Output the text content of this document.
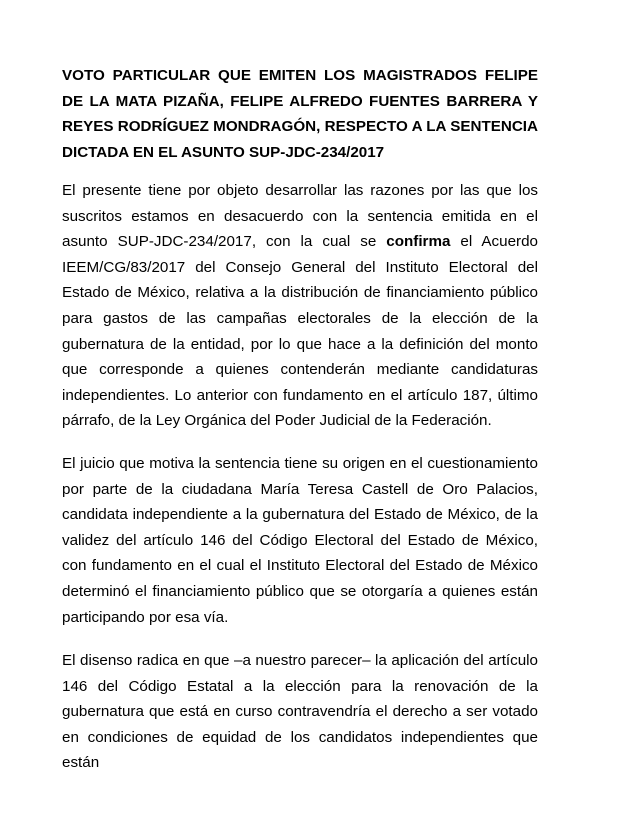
VOTO PARTICULAR QUE EMITEN LOS MAGISTRADOS FELIPE DE LA MATA PIZAÑA, FELIPE ALFREDO FUENTES BARRERA Y REYES RODRÍGUEZ MONDRAGÓN, RESPECTO A LA SENTENCIA DICTADA EN EL ASUNTO SUP-JDC-234/2017

El presente tiene por objeto desarrollar las razones por las que los suscritos estamos en desacuerdo con la sentencia emitida en el asunto SUP-JDC-234/2017, con la cual se confirma el Acuerdo IEEM/CG/83/2017 del Consejo General del Instituto Electoral del Estado de México, relativa a la distribución de financiamiento público para gastos de las campañas electorales de la elección de la gubernatura de la entidad, por lo que hace a la definición del monto que corresponde a quienes contenderán mediante candidaturas independientes. Lo anterior con fundamento en el artículo 187, último párrafo, de la Ley Orgánica del Poder Judicial de la Federación.

El juicio que motiva la sentencia tiene su origen en el cuestionamiento por parte de la ciudadana María Teresa Castell de Oro Palacios, candidata independiente a la gubernatura del Estado de México, de la validez del artículo 146 del Código Electoral del Estado de México, con fundamento en el cual el Instituto Electoral del Estado de México determinó el financiamiento público que se otorgaría a quienes están participando por esa vía.

El disenso radica en que –a nuestro parecer– la aplicación del artículo 146 del Código Estatal a la elección para la renovación de la gubernatura que está en curso contravendría el derecho a ser votado en condiciones de equidad de los candidatos independientes que están
